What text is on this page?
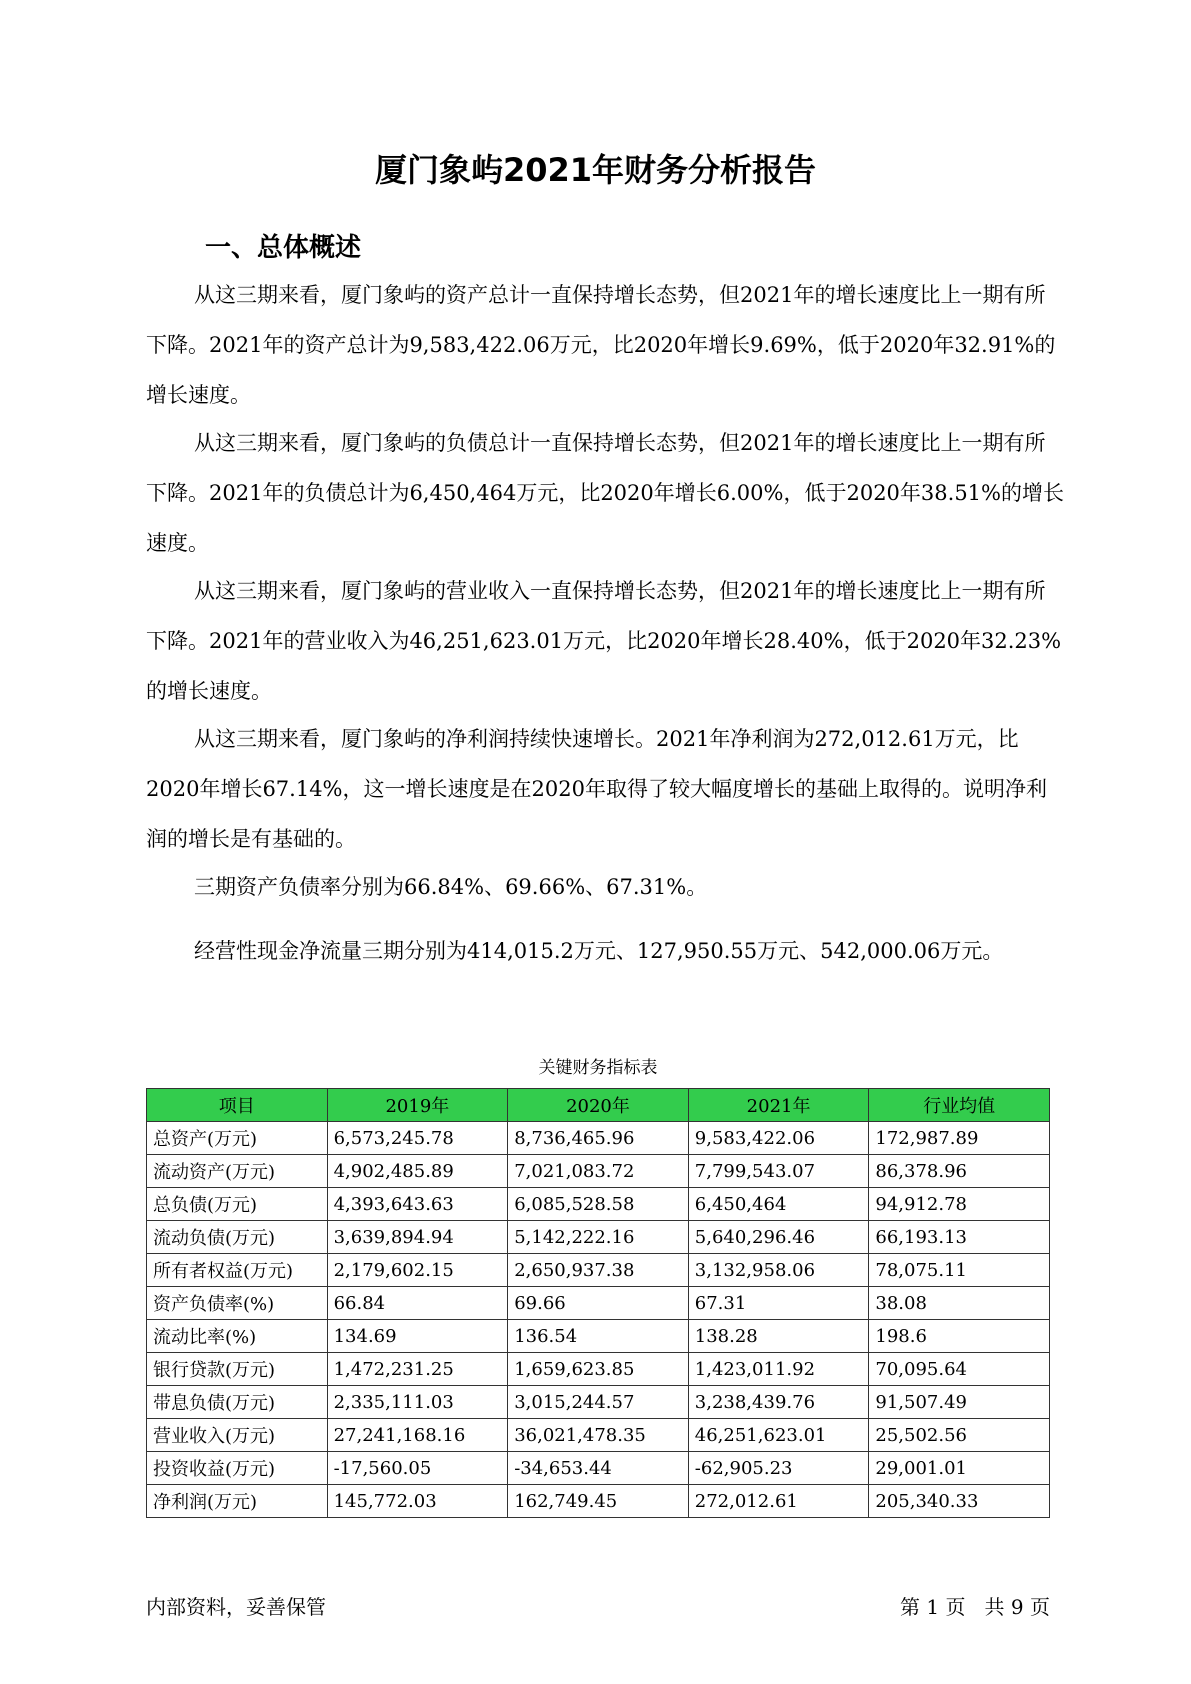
厦门象屿2021年财务分析报告
一、总体概述

从这三期来看，厦门象屿的资产总计一直保持增长态势，但2021年的增长速度比上一期有所下降。2021年的资产总计为9,583,422.06万元，比2020年增长9.69%，低于2020年32.91%的增长速度。

从这三期来看，厦门象屿的负债总计一直保持增长态势，但2021年的增长速度比上一期有所下降。2021年的负债总计为6,450,464万元，比2020年增长6.00%，低于2020年38.51%的增长速度。

从这三期来看，厦门象屿的营业收入一直保持增长态势，但2021年的增长速度比上一期有所下降。2021年的营业收入为46,251,623.01万元，比2020年增长28.40%，低于2020年32.23%的增长速度。

从这三期来看，厦门象屿的净利润持续快速增长。2021年净利润为272,012.61万元，比2020年增长67.14%，这一增长速度是在2020年取得了较大幅度增长的基础上取得的。说明净利润的增长是有基础的。

三期资产负债率分别为66.84%、69.66%、67.31%。

经营性现金净流量三期分别为414,015.2万元、127,950.55万元、542,000.06万元。

关键财务指标表
项目	2019年	2020年	2021年	行业均值
总资产(万元)	6,573,245.78	8,736,465.96	9,583,422.06	172,987.89
流动资产(万元)	4,902,485.89	7,021,083.72	7,799,543.07	86,378.96
总负债(万元)	4,393,643.63	6,085,528.58	6,450,464	94,912.78
流动负债(万元)	3,639,894.94	5,142,222.16	5,640,296.46	66,193.13
所有者权益(万元)	2,179,602.15	2,650,937.38	3,132,958.06	78,075.11
资产负债率(%)	66.84	69.66	67.31	38.08
流动比率(%)	134.69	136.54	138.28	198.6
银行贷款(万元)	1,472,231.25	1,659,623.85	1,423,011.92	70,095.64
带息负债(万元)	2,335,111.03	3,015,244.57	3,238,439.76	91,507.49
营业收入(万元)	27,241,168.16	36,021,478.35	46,251,623.01	25,502.56
投资收益(万元)	-17,560.05	-34,653.44	-62,905.23	29,001.01
净利润(万元)	145,772.03	162,749.45	272,012.61	205,340.33
内部资料，妥善保管	第 1 页   共 9 页
